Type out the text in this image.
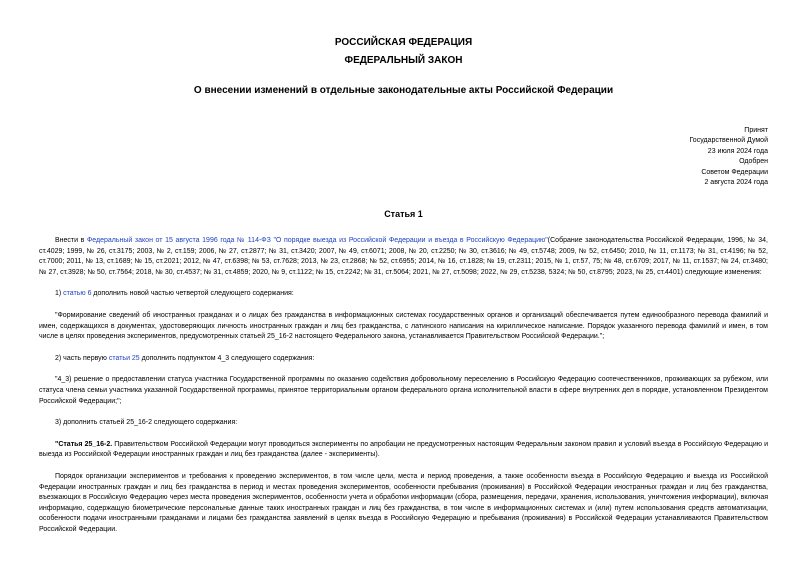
РОССИЙСКАЯ ФЕДЕРАЦИЯ
ФЕДЕРАЛЬНЫЙ ЗАКОН
О внесении изменений в отдельные законодательные акты Российской Федерации
Принят
Государственной Думой
23 июля 2024 года
Одобрен
Советом Федерации
2 августа 2024 года
Статья 1

Внести в Федеральный закон от 15 августа 1996 года № 114-ФЗ "О порядке выезда из Российской Федерации и въезда в Российскую Федерацию"(Собрание законодательства Российской Федерации, 1996, № 34, ст.4029; 1999, № 26, ст.3175; 2003, № 2, ст.159; 2006, № 27, ст.2877; № 31, ст.3420; 2007, № 49, ст.6071; 2008, № 20, ст.2250; № 30, ст.3616; № 49, ст.5748; 2009, № 52, ст.6450; 2010, № 11, ст.1173; № 31, ст.4196; № 52, ст.7000; 2011, № 13, ст.1689; № 15, ст.2021; 2012, № 47, ст.6398; № 53, ст.7628; 2013, № 23, ст.2868; № 52, ст.6955; 2014, № 16, ст.1828; № 19, ст.2311; 2015, № 1, ст.57, 75; № 48, ст.6709; 2017, № 11, ст.1537; № 24, ст.3480; № 27, ст.3928; № 50, ст.7564; 2018, № 30, ст.4537; № 31, ст.4859; 2020, № 9, ст.1122; № 15, ст.2242; № 31, ст.5064; 2021, № 27, ст.5098; 2022, № 29, ст.5238, 5324; № 50, ст.8795; 2023, № 25, ст.4401) следующие изменения:

1) статью 6 дополнить новой частью четвертой следующего содержания:

"Формирование сведений об иностранных гражданах и о лицах без гражданства в информационных системах государственных органов и организаций обеспечивается путем единообразного перевода фамилий и имен, содержащихся в документах, удостоверяющих личность иностранных граждан и лиц без гражданства, с латинского написания на кириллическое написание. Порядок указанного перевода фамилий и имен, в том числе в целях проведения экспериментов, предусмотренных статьей 25_16-2 настоящего Федерального закона, устанавливается Правительством Российской Федерации.";

2) часть первую статьи 25 дополнить подпунктом 4_3 следующего содержания:

"4_3) решение о предоставлении статуса участника Государственной программы по оказанию содействия добровольному переселению в Российскую Федерацию соотечественников, проживающих за рубежом, или статуса члена семьи участника указанной Государственной программы, принятое территориальным органом федерального органа исполнительной власти в сфере внутренних дел в порядке, установленном Президентом Российской Федерации;";

3) дополнить статьей 25_16-2 следующего содержания:

"Статья 25_16-2. Правительством Российской Федерации могут проводиться эксперименты по апробации не предусмотренных настоящим Федеральным законом правил и условий въезда в Российскую Федерацию и выезда из Российской Федерации иностранных граждан и лиц без гражданства (далее - эксперименты).

Порядок организации экспериментов и требования к проведению экспериментов, в том числе цели, места и период проведения, а также особенности въезда в Российскую Федерацию и выезда из Российской Федерации иностранных граждан и лиц без гражданства в период и местах проведения экспериментов, особенности пребывания (проживания) в Российской Федерации иностранных граждан и лиц без гражданства, въезжающих в Российскую Федерацию через места проведения экспериментов, особенности учета и обработки информации (сбора, размещения, передачи, хранения, использования, уничтожения информации), включая информацию, содержащую биометрические персональные данные таких иностранных граждан и лиц без гражданства, в том числе в информационных системах и (или) путем использования средств автоматизации, особенности подачи иностранными гражданами и лицами без гражданства заявлений в целях въезда в Российскую Федерацию и пребывания (проживания) в Российской Федерации устанавливаются Правительством Российской Федерации.
